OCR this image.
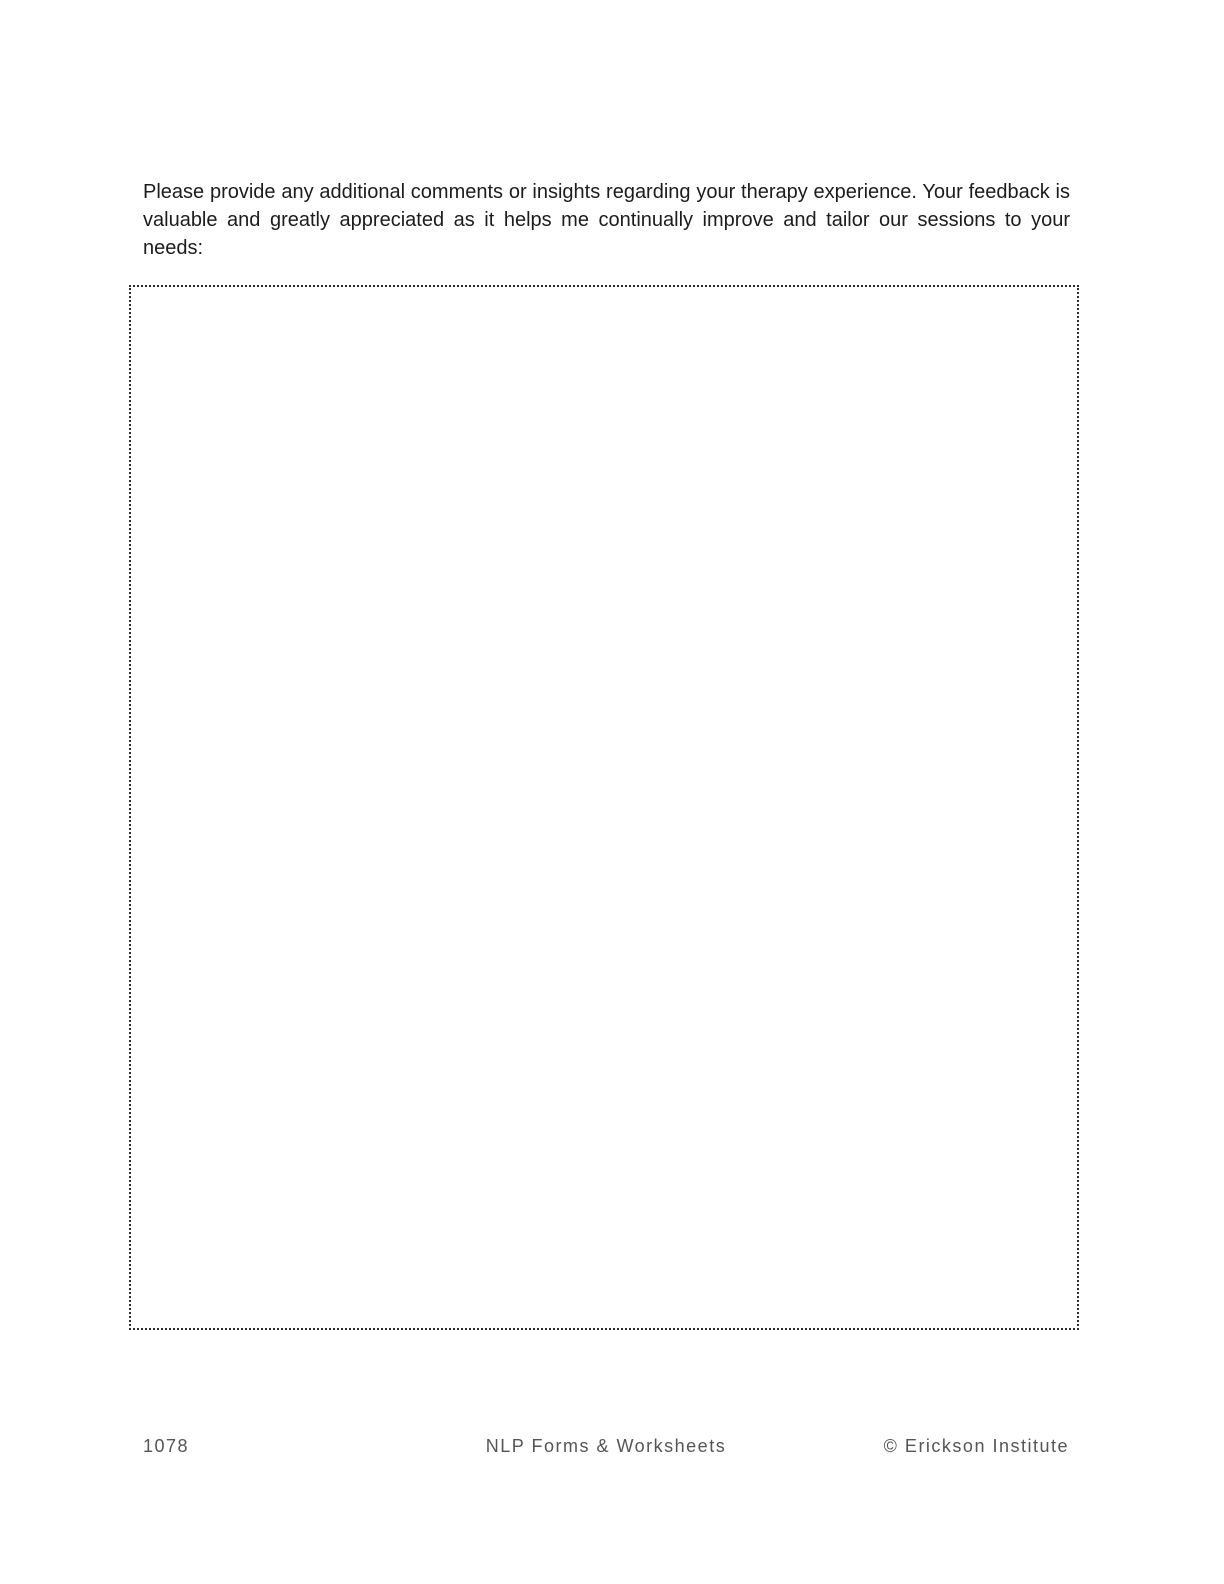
Please provide any additional comments or insights regarding your therapy experience. Your feedback is valuable and greatly appreciated as it helps me continually improve and tailor our sessions to your needs:

1078	NLP Forms & Worksheets	© Erickson Institute
